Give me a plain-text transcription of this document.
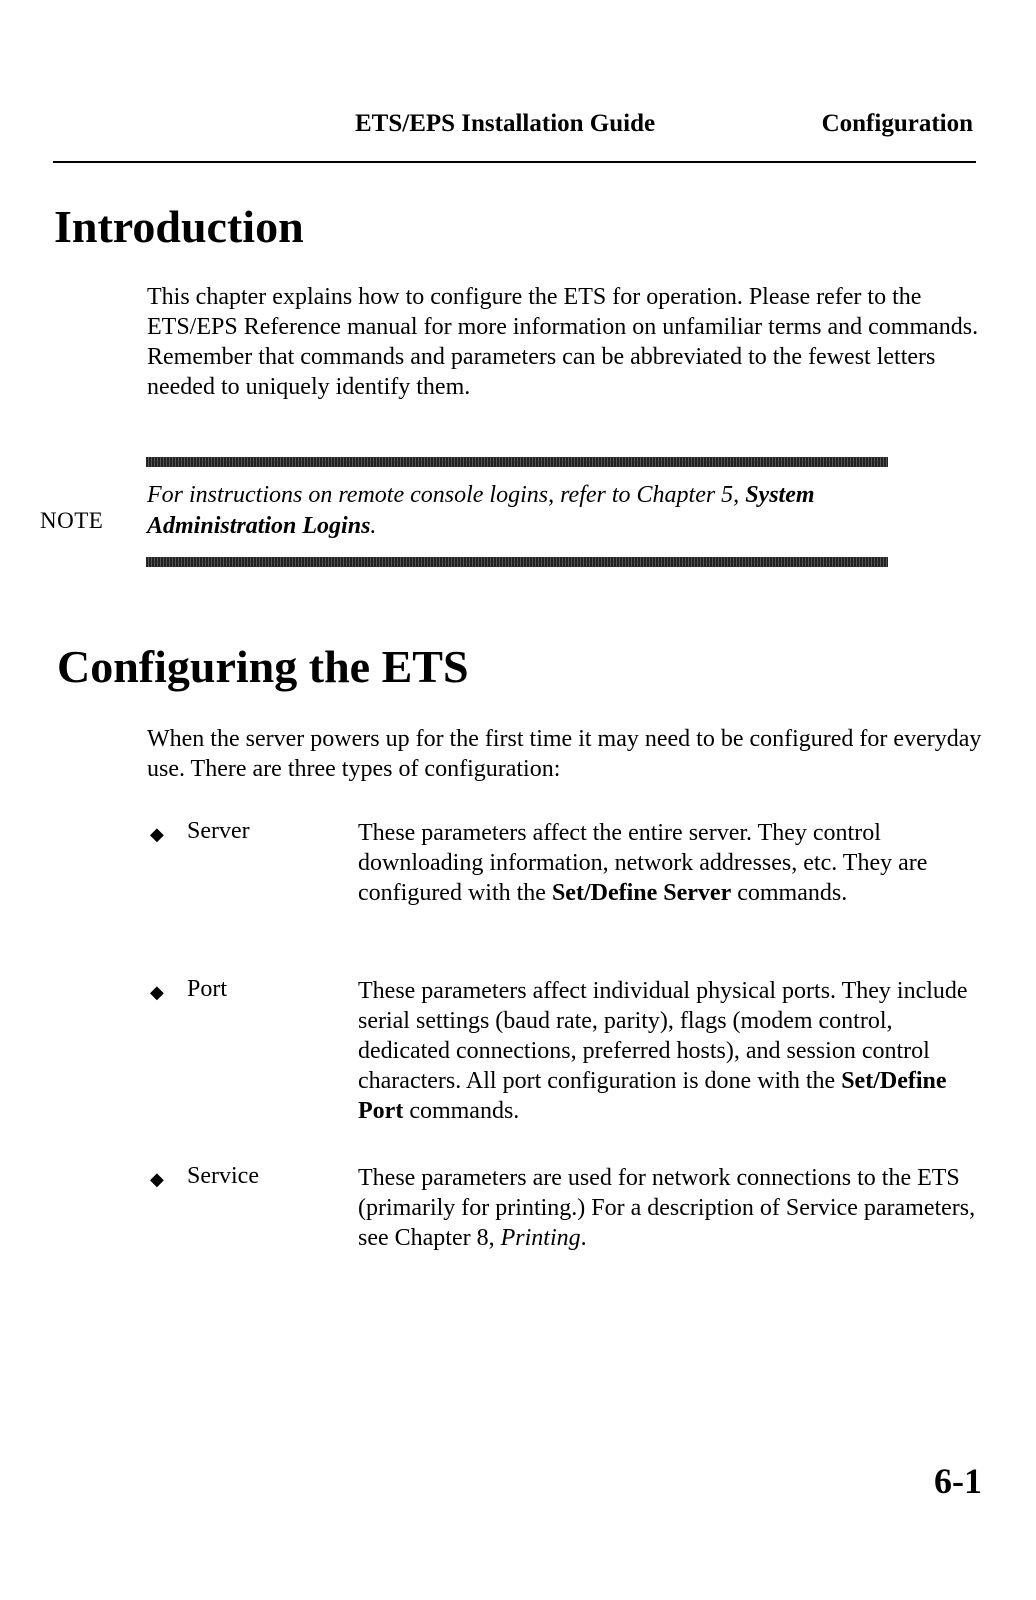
ETS/EPS Installation Guide	Configuration
Introduction
This chapter explains how to configure the ETS for operation. Please refer to the ETS/EPS Reference manual for more information on unfamiliar terms and commands. Remember that commands and parameters can be abbreviated to the fewest letters needed to uniquely identify them.
NOTE
For instructions on remote console logins, refer to Chapter 5, System Administration Logins.
Configuring the ETS
When the server powers up for the first time it may need to be configured for everyday use. There are three types of configuration:
◆ Server	These parameters affect the entire server. They control downloading information, network addresses, etc. They are configured with the Set/Define Server commands.
◆ Port	These parameters affect individual physical ports. They include serial settings (baud rate, parity), flags (modem control, dedicated connections, preferred hosts), and session control characters. All port configuration is done with the Set/Define Port commands.
◆ Service	These parameters are used for network connections to the ETS (primarily for printing.) For a description of Service parameters, see Chapter 8, Printing.
6-1
